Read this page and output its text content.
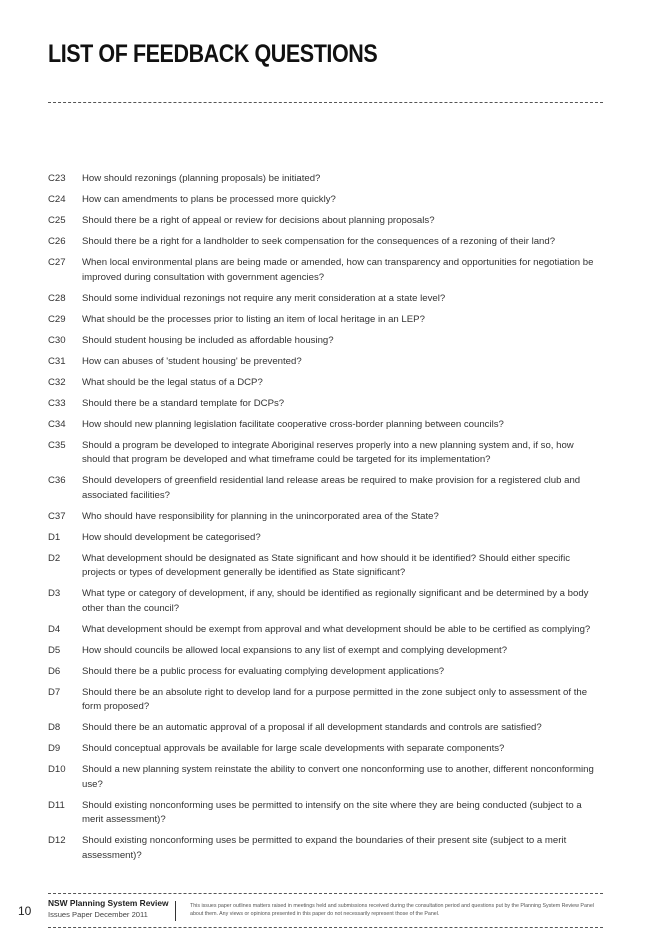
LIST OF FEEDBACK QUESTIONS
C23	How should rezonings (planning proposals) be initiated?
C24	How can amendments to plans be processed more quickly?
C25	Should there be a right of appeal or review for decisions about planning proposals?
C26	Should there be a right for a landholder to seek compensation for the consequences of a rezoning of their land?
C27	When local environmental plans are being made or amended, how can transparency and opportunities for negotiation be improved during consultation with government agencies?
C28	Should some individual rezonings not require any merit consideration at a state level?
C29	What should be the processes prior to listing an item of local heritage in an LEP?
C30	Should student housing be included as affordable housing?
C31	How can abuses of 'student housing' be prevented?
C32	What should be the legal status of a DCP?
C33	Should there be a standard template for DCPs?
C34	How should new planning legislation facilitate cooperative cross-border planning between councils?
C35	Should a program be developed to integrate Aboriginal reserves properly into a new planning system and, if so, how should that program be developed and what timeframe could be targeted for its implementation?
C36	Should developers of greenfield residential land release areas be required to make provision for a registered club and associated facilities?
C37	Who should have responsibility for planning in the unincorporated area of the State?
D1	How should development be categorised?
D2	What development should be designated as State significant and how should it be identified? Should either specific projects or types of development generally be identified as State significant?
D3	What type or category of development, if any, should be identified as regionally significant and be determined by a body other than the council?
D4	What development should be exempt from approval and what development should be able to be certified as complying?
D5	How should councils be allowed local expansions to any list of exempt and complying development?
D6	Should there be a public process for evaluating complying development applications?
D7	Should there be an absolute right to develop land for a purpose permitted in the zone subject only to assessment of the form proposed?
D8	Should there be an automatic approval of a proposal if all development standards and controls are satisfied?
D9	Should conceptual approvals be available for large scale developments with separate components?
D10	Should a new planning system reinstate the ability to convert one nonconforming use to another, different nonconforming use?
D11	Should existing nonconforming uses be permitted to intensify on the site where they are being conducted (subject to a merit assessment)?
D12	Should existing nonconforming uses be permitted to expand the boundaries of their present site (subject to a merit assessment)?
10
NSW Planning System Review
Issues Paper December 2011
This issues paper outlines matters raised in meetings held and submissions received during the consultation period and questions put by the Planning System Review Panel about them. Any views or opinions presented in this paper do not necessarily represent those of the Panel.
